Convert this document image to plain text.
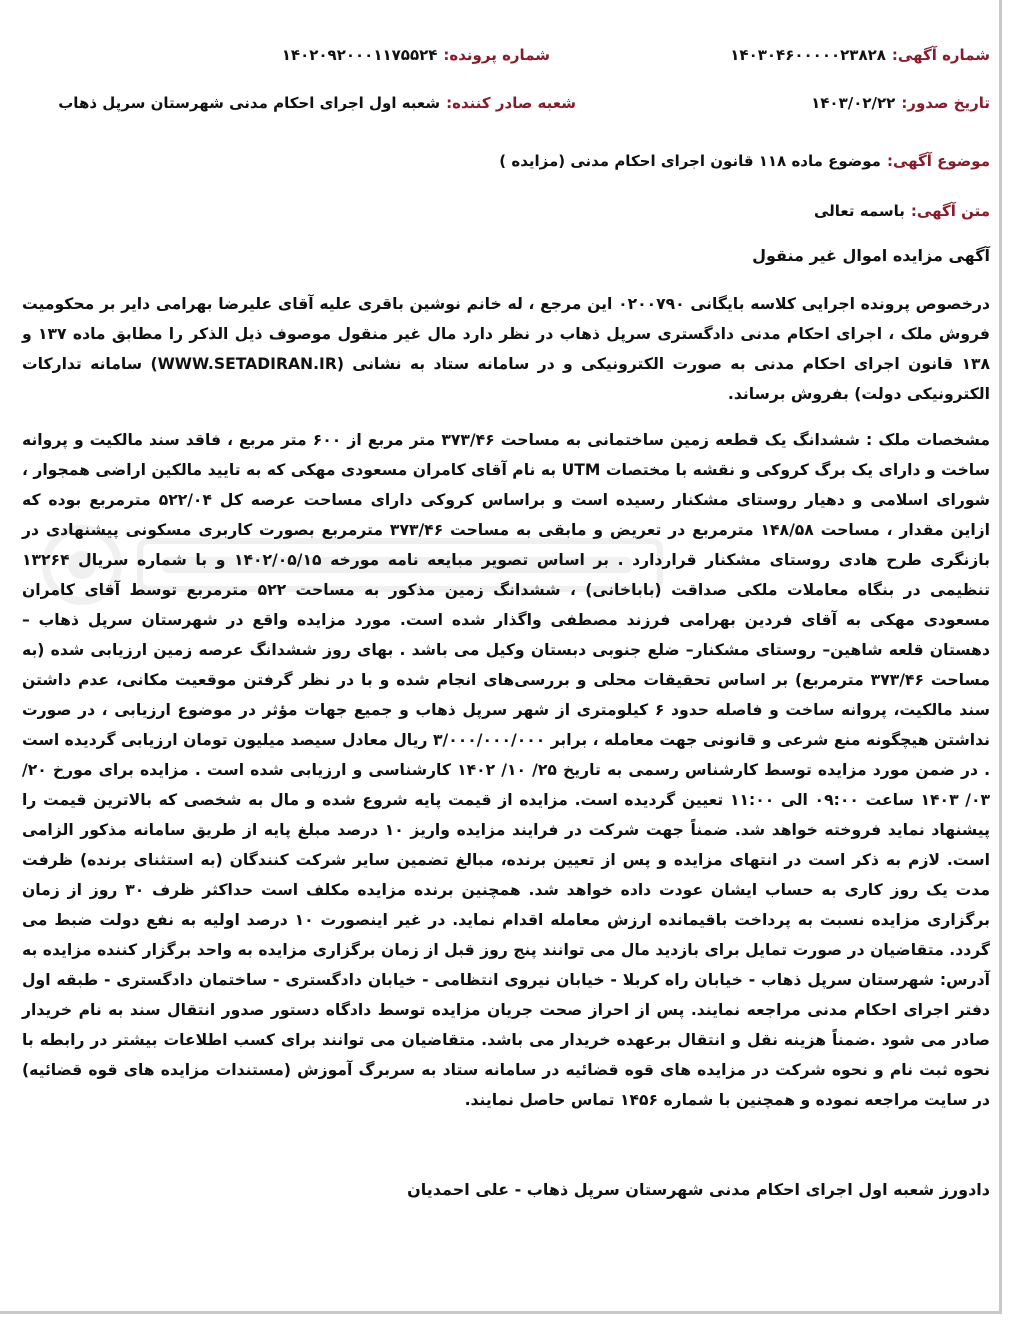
شماره آگهی:۱۴۰۳۰۴۶۰۰۰۰۰۲۳۸۲۸
شماره پرونده:۱۴۰۲۰۹۲۰۰۰۱۱۷۵۵۲۴
تاریخ صدور:۱۴۰۳/۰۲/۲۲
شعبه صادر کننده:شعبه اول اجرای احکام مدنی شهرستان سرپل ذهاب
موضوع آگهی:موضوع ماده ۱۱۸ قانون اجرای احکام مدنی (مزایده )
متن آگهی:باسمه تعالی
آگهی مزایده اموال غیر منقول
درخصوص پرونده اجرایی کلاسه بایگانی ۰۲۰۰۷۹۰ این مرجع ، له خانم نوشین باقری علیه آقای علیرضا بهرامی دایر بر محکومیت فروش ملک ، اجرای احکام مدنی دادگستری سرپل ذهاب در نظر دارد مال غیر منقول موصوف ذیل الذکر را مطابق ماده ۱۳۷ و ۱۳۸ قانون اجرای احکام مدنی به صورت الکترونیکی و در سامانه ستاد به نشانی (WWW.SETADIRAN.IR) سامانه تدارکات الکترونیکی دولت) بفروش برساند.
مشخصات ملک : ششدانگ یک قطعه زمین ساختمانی به مساحت ۳۷۳/۴۶ متر مربع از ۶۰۰ متر مربع ، فاقد سند مالکیت و پروانه ساخت و دارای یک برگ کروکی و نقشه با مختصات UTM به نام آقای کامران مسعودی مهکی که به تایید مالکین اراضی همجوار ، شورای اسلامی و دهیار روستای مشکنار رسیده است و براساس کروکی دارای مساحت عرصه کل ۵۲۲/۰۴ مترمربع بوده که ازاین مقدار ، مساحت ۱۴۸/۵۸ مترمربع در تعریض و مابقی به مساحت ۳۷۳/۴۶ مترمربع بصورت کاربری مسکونی پیشنهادی در بازنگری طرح هادی روستای مشکنار قراردارد . بر اساس تصویر مبایعه نامه مورخه ۱۴۰۲/۰۵/۱۵ و با شماره سریال ۱۳۲۶۴ تنظیمی در بنگاه معاملات ملکی صداقت (باباخانی) ، ششدانگ زمین مذکور به مساحت ۵۲۲ مترمربع توسط آقای کامران مسعودی مهکی به آقای فردین بهرامی فرزند مصطفی واگذار شده است. مورد مزایده واقع در شهرستان سرپل ذهاب – دهستان قلعه شاهین– روستای مشکنار– ضلع جنوبی دبستان وکیل می باشد . بهای روز ششدانگ عرصه زمین ارزیابی شده (به مساحت ۳۷۳/۴۶ مترمربع) بر اساس تحقیقات محلی و بررسی‌های انجام شده و با در نظر گرفتن موقعیت مکانی، عدم داشتن سند مالکیت، پروانه ساخت و فاصله حدود ۶ کیلومتری از شهر سرپل ذهاب و جمیع جهات مؤثر در موضوع ارزیابی ، در صورت نداشتن هیچگونه منع شرعی و قانونی جهت معامله ، برابر ۳/۰۰۰/۰۰۰/۰۰۰ ریال معادل سیصد میلیون تومان ارزیابی گردیده است . در ضمن مورد مزایده توسط کارشناس رسمی به تاریخ ۲۵/ ۱۰/ ۱۴۰۲ کارشناسی و ارزیابی شده است . مزایده برای مورخ ۲۰/ ۰۳/ ۱۴۰۳ ساعت ۰۹:۰۰ الی ۱۱:۰۰ تعیین گردیده است. مزایده از قیمت پایه شروع شده و مال به شخصی که بالاترین قیمت را پیشنهاد نماید فروخته خواهد شد. ضمناً جهت شرکت در فرایند مزایده واریز ۱۰ درصد مبلغ پایه از طریق سامانه مذکور الزامی است. لازم به ذکر است در انتهای مزایده و پس از تعیین برنده، مبالغ تضمین سایر شرکت کنندگان (به استثنای برنده) ظرفت مدت یک روز کاری به حساب ایشان عودت داده خواهد شد. همچنین برنده مزایده مکلف است حداکثر ظرف ۳۰ روز از زمان برگزاری مزایده نسبت به پرداخت باقیمانده ارزش معامله اقدام نماید. در غیر اینصورت ۱۰ درصد اولیه به نفع دولت ضبط می گردد. متقاضیان در صورت تمایل برای بازدید مال می توانند پنج روز قبل از زمان برگزاری مزایده به واحد برگزار کننده مزایده به آدرس: شهرستان سرپل ذهاب - خیابان راه کربلا - خیابان نیروی انتظامی - خیابان دادگستری - ساختمان دادگستری - طبقه اول دفتر اجرای احکام مدنی مراجعه نمایند. پس از احراز صحت جریان مزایده توسط دادگاه دستور صدور انتقال سند به نام خریدار صادر می شود .ضمناً هزینه نقل و انتقال برعهده خریدار می باشد. متقاضیان می توانند برای کسب اطلاعات بیشتر در رابطه با نحوه ثبت نام و نحوه شرکت در مزایده های قوه قضائیه در سامانه ستاد به سربرگ آموزش (مستندات مزایده های قوه قضائیه) در سایت مراجعه نموده و همچنین با شماره ۱۴۵۶ تماس حاصل نمایند.
دادورز شعبه اول اجرای احکام مدنی شهرستان سرپل ذهاب - علی احمدیان
